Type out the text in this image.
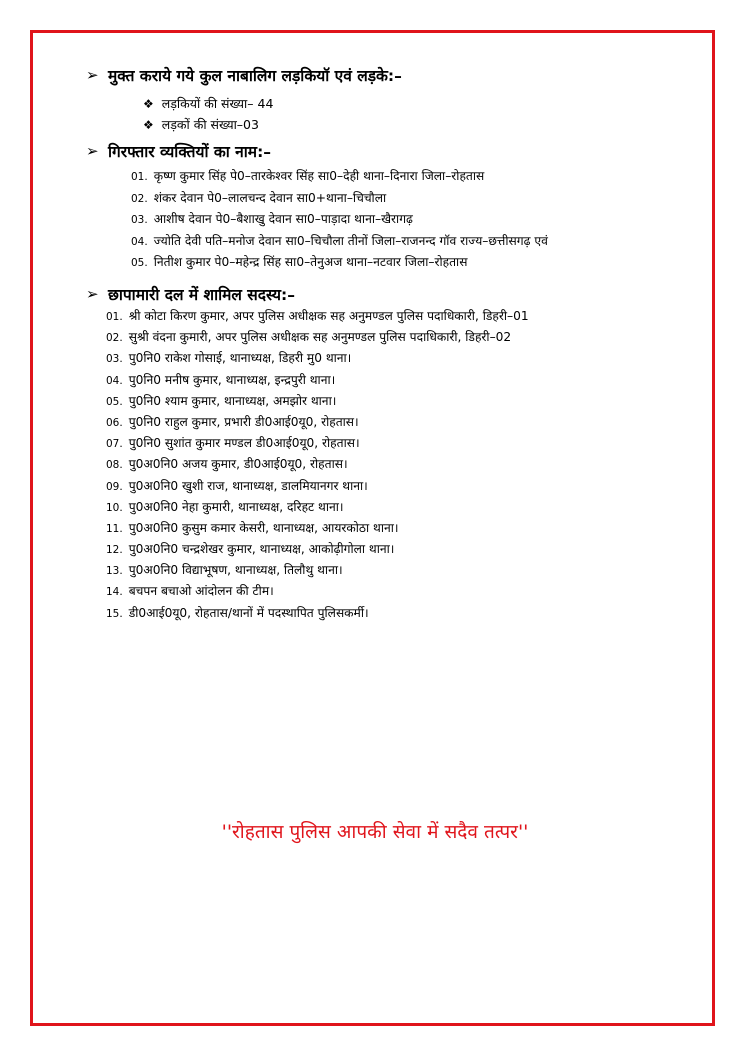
➢ मुक्त कराये गये कुल नाबालिग लड़कियॉ एवं लड़के:–
❖ लड़कियों की संख्या– 44
❖ लड़कों की संख्या–03
➢ गिरफ्तार व्यक्तियों का नाम:–
01. कृष्ण कुमार सिंह पे0–तारकेश्वर सिंह सा0–देही थाना–दिनारा जिला–रोहतास
02. शंकर देवान पे0–लालचन्द देवान सा0+थाना–चिचौला
03. आशीष देवान पे0–बैशाखु देवान सा0–पाड़ादा थाना–खैरागढ़
04. ज्योति देवी पति–मनोज देवान सा0–चिचौला तीनों जिला–राजनन्द गॉव राज्य–छत्तीसगढ़ एवं
05. नितीश कुमार पे0–महेन्द्र सिंह सा0–तेनुअज थाना–नटवार जिला–रोहतास
➢ छापामारी दल में शामिल सदस्य:–
01. श्री कोटा किरण कुमार, अपर पुलिस अधीक्षक सह अनुमण्डल पुलिस पदाधिकारी, डिहरी–01
02. सुश्री वंदना कुमारी, अपर पुलिस अधीक्षक सह अनुमण्डल पुलिस पदाधिकारी, डिहरी–02
03. पु0नि0 राकेश गोसाई, थानाध्यक्ष, डिहरी मु0 थाना।
04. पु0नि0 मनीष कुमार, थानाध्यक्ष, इन्द्रपुरी थाना।
05. पु0नि0 श्याम कुमार, थानाध्यक्ष, अमझोर थाना।
06. पु0नि0 राहुल कुमार, प्रभारी डी0आई0यू0, रोहतास।
07. पु0नि0 सुशांत कुमार मण्डल डी0आई0यू0, रोहतास।
08. पु0अ0नि0 अजय कुमार, डी0आई0यू0, रोहतास।
09. पु0अ0नि0 खुशी राज, थानाध्यक्ष, डालमियानगर थाना।
10. पु0अ0नि0 नेहा कुमारी, थानाध्यक्ष, दरिहट थाना।
11. पु0अ0नि0 कुसुम कमार केसरी, थानाध्यक्ष, आयरकोठा थाना।
12. पु0अ0नि0 चन्द्रशेखर कुमार, थानाध्यक्ष, आकोढ़ीगोला थाना।
13. पु0अ0नि0 विद्याभूषण, थानाध्यक्ष, तिलौथु थाना।
14. बचपन बचाओ आंदोलन की टीम।
15. डी0आई0यू0, रोहतास/थानों में पदस्थापित पुलिसकर्मी।
''रोहतास पुलिस आपकी सेवा में सदैव तत्पर''
